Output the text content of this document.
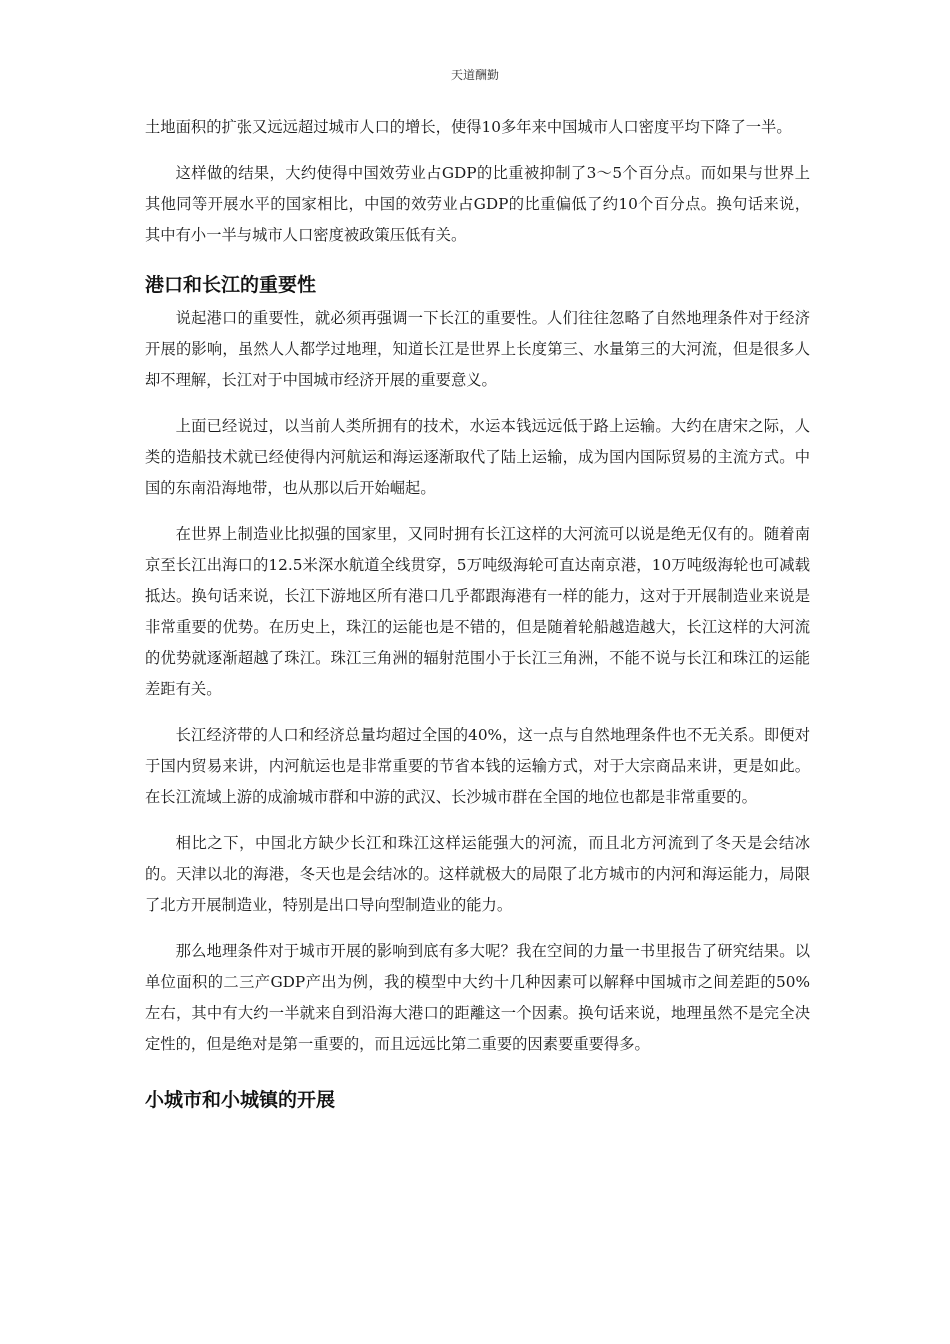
天道酬勤

土地面积的扩张又远远超过城市人口的增长，使得10多年来中国城市人口密度平均下降了一半。

这样做的结果，大约使得中国效劳业占GDP的比重被抑制了3～5个百分点。而如果与世界上其他同等开展水平的国家相比，中国的效劳业占GDP的比重偏低了约10个百分点。换句话来说，其中有小一半与城市人口密度被政策压低有关。

港口和长江的重要性

说起港口的重要性，就必须再强调一下长江的重要性。人们往往忽略了自然地理条件对于经济开展的影响，虽然人人都学过地理，知道长江是世界上长度第三、水量第三的大河流，但是很多人却不理解，长江对于中国城市经济开展的重要意义。

上面已经说过，以当前人类所拥有的技术，水运本钱远远低于路上运输。大约在唐宋之际，人类的造船技术就已经使得内河航运和海运逐渐取代了陆上运输，成为国内国际贸易的主流方式。中国的东南沿海地带，也从那以后开始崛起。

在世界上制造业比拟强的国家里，又同时拥有长江这样的大河流可以说是绝无仅有的。随着南京至长江出海口的12.5米深水航道全线贯穿，5万吨级海轮可直达南京港，10万吨级海轮也可减载抵达。换句话来说，长江下游地区所有港口几乎都跟海港有一样的能力，这对于开展制造业来说是非常重要的优势。在历史上，珠江的运能也是不错的，但是随着轮船越造越大，长江这样的大河流的优势就逐渐超越了珠江。珠江三角洲的辐射范围小于长江三角洲，不能不说与长江和珠江的运能差距有关。

长江经济带的人口和经济总量均超过全国的40%，这一点与自然地理条件也不无关系。即便对于国内贸易来讲，内河航运也是非常重要的节省本钱的运输方式，对于大宗商品来讲，更是如此。在长江流域上游的成渝城市群和中游的武汉、长沙城市群在全国的地位也都是非常重要的。

相比之下，中国北方缺少长江和珠江这样运能强大的河流，而且北方河流到了冬天是会结冰的。天津以北的海港，冬天也是会结冰的。这样就极大的局限了北方城市的内河和海运能力，局限了北方开展制造业，特别是出口导向型制造业的能力。

那么地理条件对于城市开展的影响到底有多大呢？我在空间的力量一书里报告了研究结果。以单位面积的二三产GDP产出为例，我的模型中大约十几种因素可以解释中国城市之间差距的50%左右，其中有大约一半就来自到沿海大港口的距離这一个因素。换句话来说，地理虽然不是完全决定性的，但是绝对是第一重要的，而且远远比第二重要的因素要重要得多。

小城市和小城镇的开展
